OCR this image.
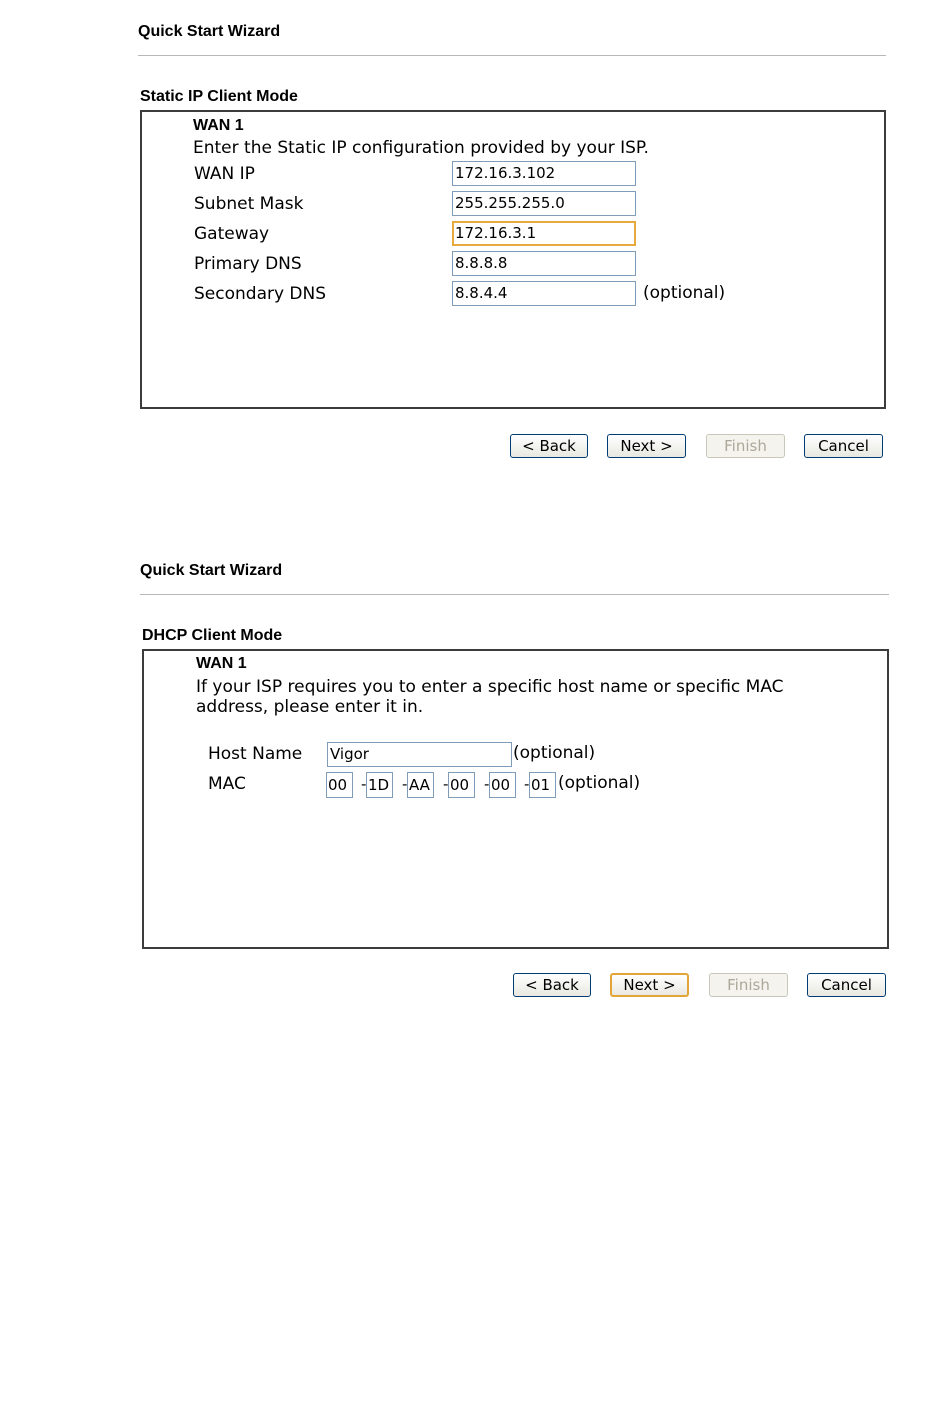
Quick Start Wizard
Static IP Client Mode
WAN 1
Enter the Static IP configuration provided by your ISP.
WAN IP	172.16.3.102
Subnet Mask	255.255.255.0
Gateway	172.16.3.1
Primary DNS	8.8.8.8
Secondary DNS	8.8.4.4	(optional)
< Back	Next >	Finish	Cancel
Quick Start Wizard
DHCP Client Mode
WAN 1
If your ISP requires you to enter a specific host name or specific MAC
address, please enter it in.
Host Name Vigor	(optional)
MAC	00 - 1D - AA - 00 - 00 - 01 (optional)
< Back	Next >	Finish	Cancel
